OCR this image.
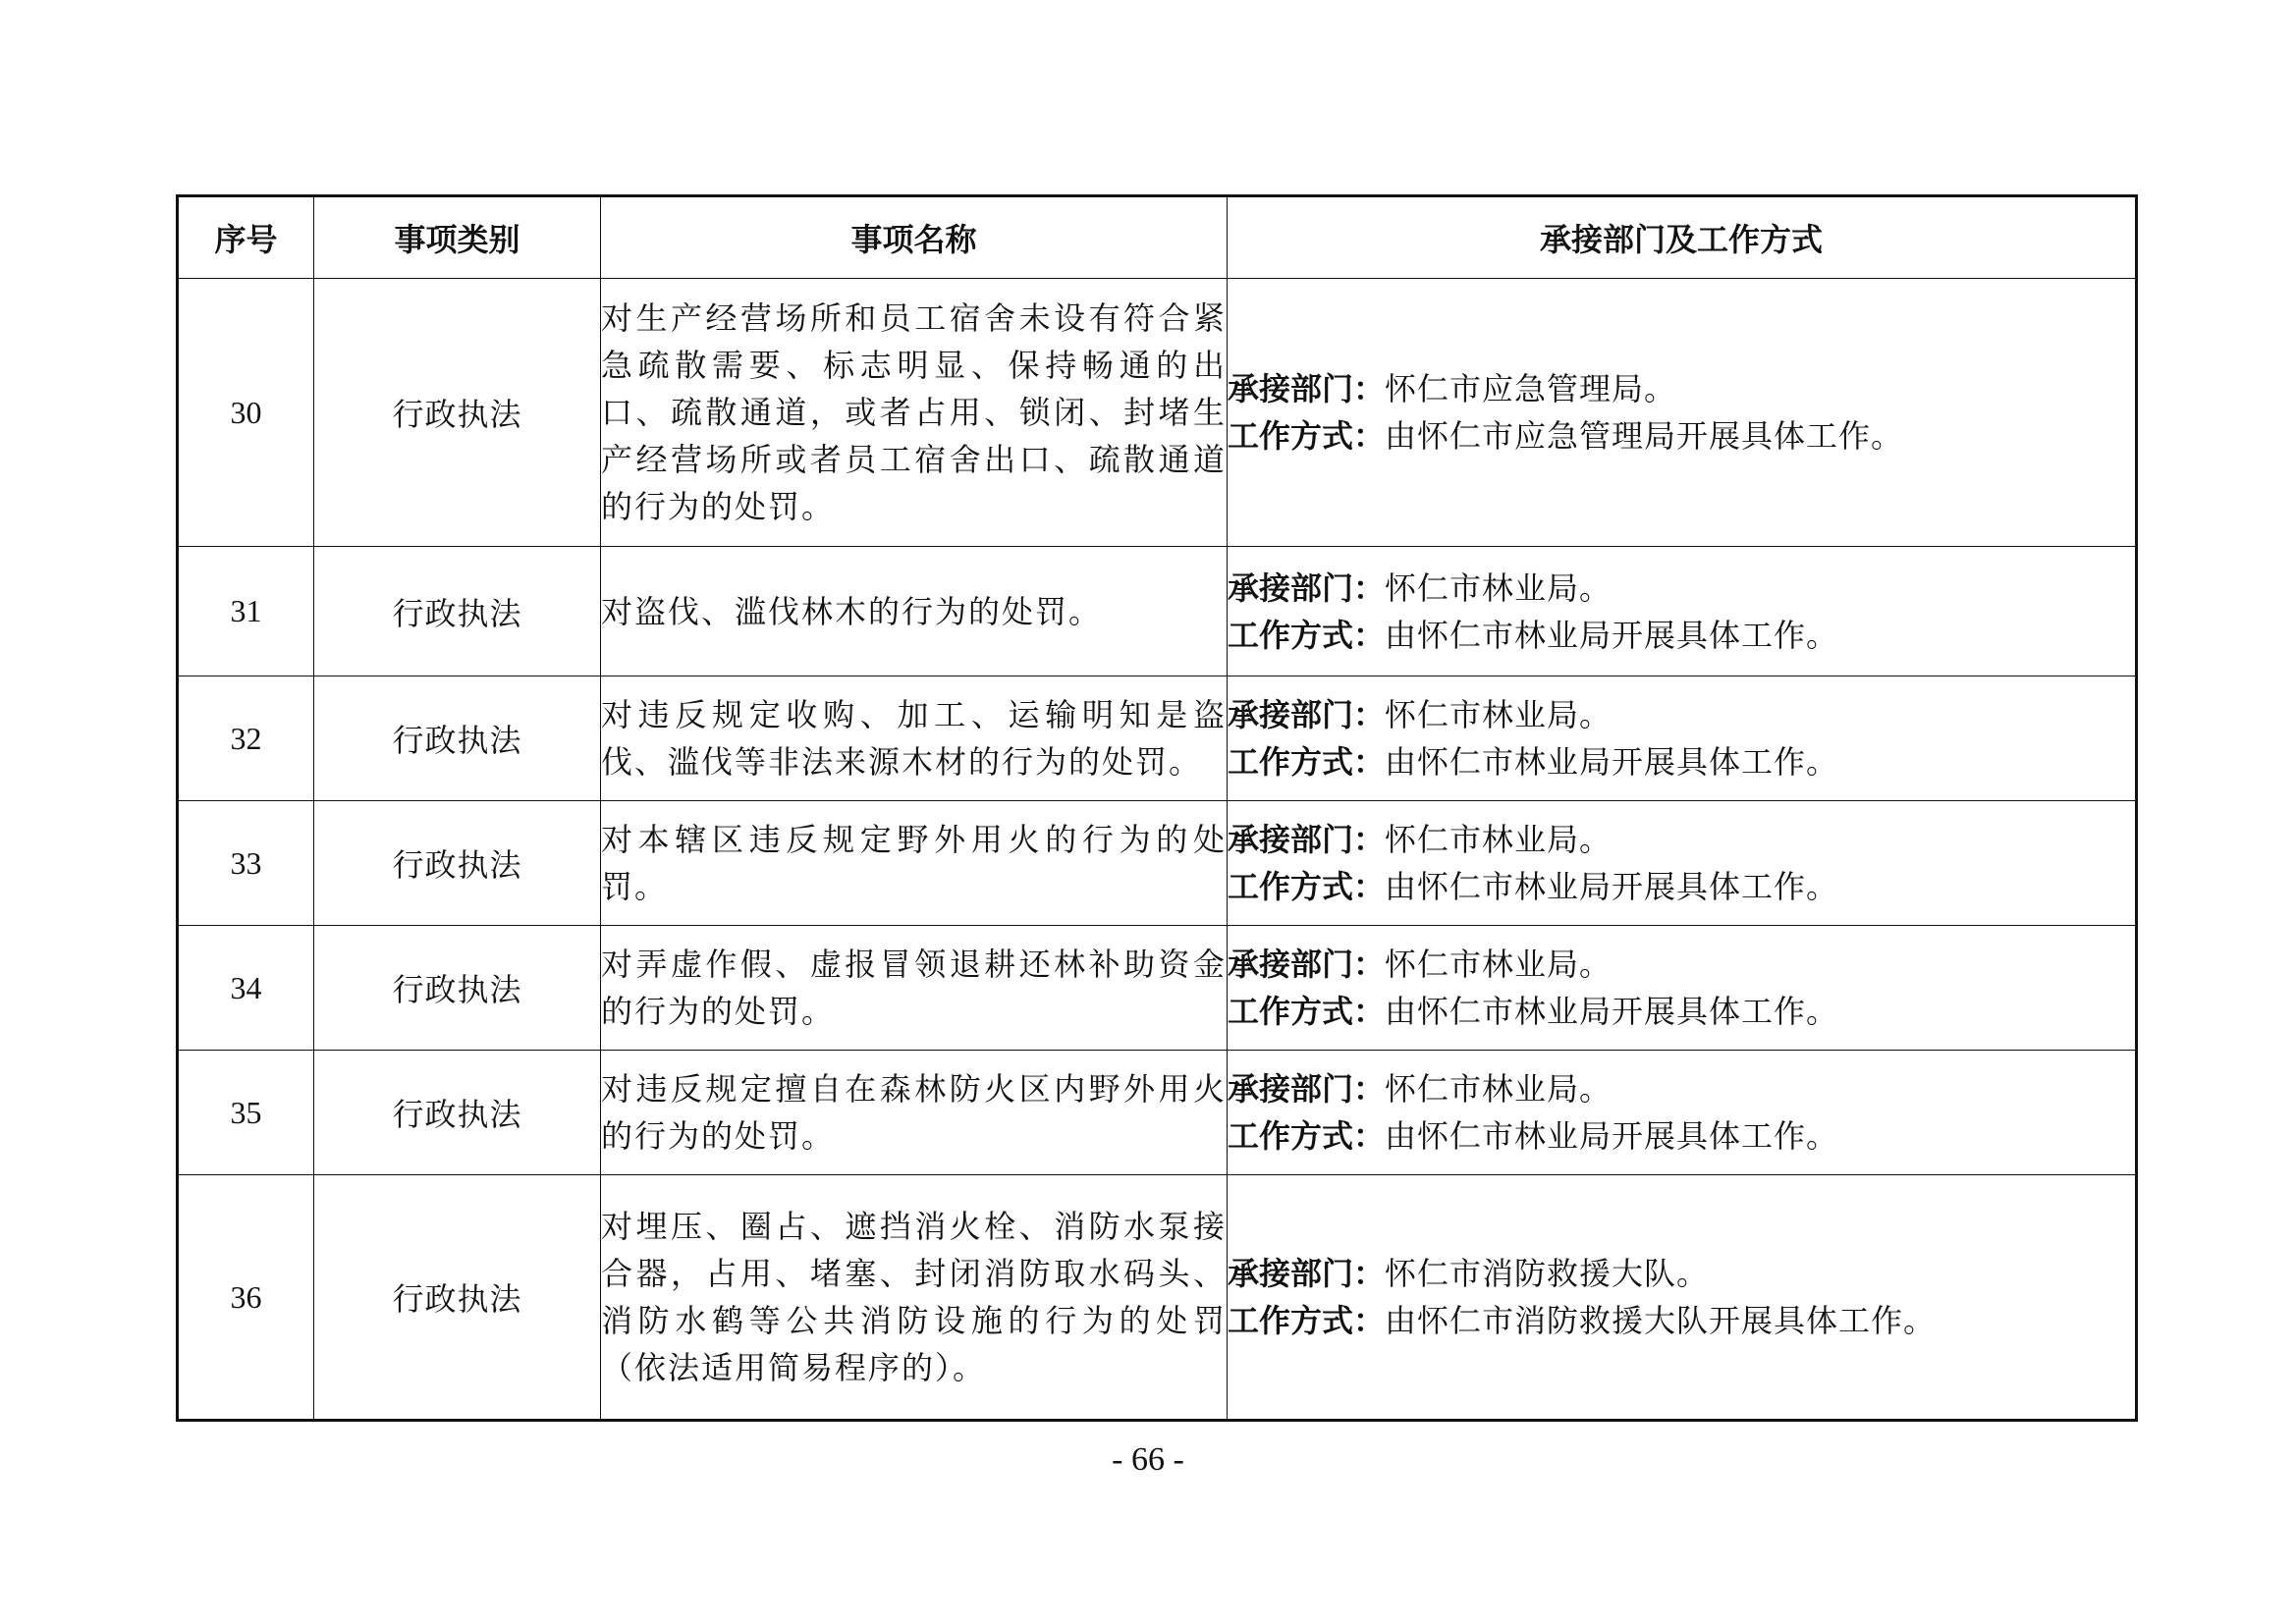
序号	事项类别	事项名称	承接部门及工作方式
30	行政执法	对生产经营场所和员工宿舍未设有符合紧急疏散需要、标志明显、保持畅通的出口、疏散通道，或者占用、锁闭、封堵生产经营场所或者员工宿舍出口、疏散通道的行为的处罚。	承接部门：怀仁市应急管理局。
工作方式：由怀仁市应急管理局开展具体工作。

31	行政执法	对盗伐、滥伐林木的行为的处罚。	承接部门：怀仁市林业局。
工作方式：由怀仁市林业局开展具体工作。

32	行政执法	对违反规定收购、加工、运输明知是盗伐、滥伐等非法来源木材的行为的处罚。	承接部门：怀仁市林业局。
工作方式：由怀仁市林业局开展具体工作。

33	行政执法	对本辖区违反规定野外用火的行为的处罚。	承接部门：怀仁市林业局。
工作方式：由怀仁市林业局开展具体工作。

34	行政执法	对弄虚作假、虚报冒领退耕还林补助资金的行为的处罚。	承接部门：怀仁市林业局。
工作方式：由怀仁市林业局开展具体工作。

35	行政执法	对违反规定擅自在森林防火区内野外用火的行为的处罚。	承接部门：怀仁市林业局。
工作方式：由怀仁市林业局开展具体工作。

36	行政执法	对埋压、圈占、遮挡消火栓、消防水泵接合器，占用、堵塞、封闭消防取水码头、消防水鹤等公共消防设施的行为的处罚（依法适用简易程序的）。	承接部门：怀仁市消防救援大队。
工作方式：由怀仁市消防救援大队开展具体工作。
- 66 -
